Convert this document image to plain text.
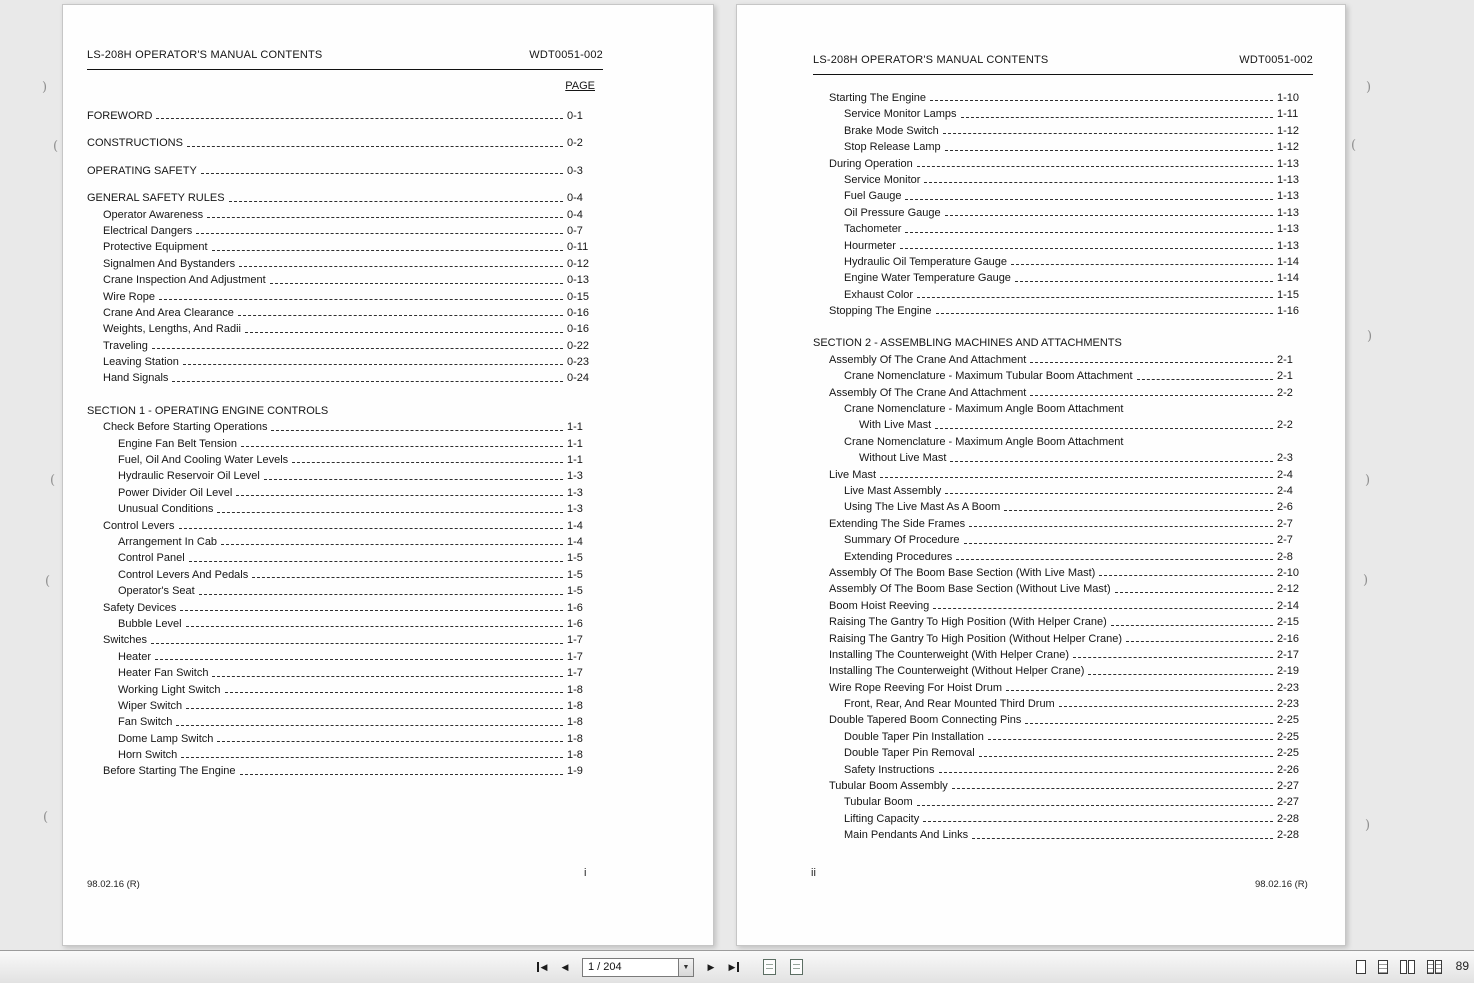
LS-208H OPERATOR'S MANUAL CONTENTS	WDT0051-002
PAGE
FOREWORD	0-1
CONSTRUCTIONS	0-2
OPERATING SAFETY	0-3
GENERAL SAFETY RULES	0-4
Operator Awareness	0-4
Electrical Dangers	0-7
Protective Equipment	0-11
Signalmen And Bystanders	0-12
Crane Inspection And Adjustment	0-13
Wire Rope	0-15
Crane And Area Clearance	0-16
Weights, Lengths, And Radii	0-16
Traveling	0-22
Leaving Station	0-23
Hand Signals	0-24
SECTION 1 - OPERATING ENGINE CONTROLS
Check Before Starting Operations	1-1
Engine Fan Belt Tension	1-1
Fuel, Oil And Cooling Water Levels	1-1
Hydraulic Reservoir Oil Level	1-3
Power Divider Oil Level	1-3
Unusual Conditions	1-3
Control Levers	1-4
Arrangement In Cab	1-4
Control Panel	1-5
Control Levers And Pedals	1-5
Operator's Seat	1-5
Safety Devices	1-6
Bubble Level	1-6
Switches	1-7
Heater	1-7
Heater Fan Switch	1-7
Working Light Switch	1-8
Wiper Switch	1-8
Fan Switch	1-8
Dome Lamp Switch	1-8
Horn Switch	1-8
Before Starting The Engine	1-9
98.02.16 (R)
i
LS-208H OPERATOR'S MANUAL CONTENTS	WDT0051-002
Starting The Engine	1-10
Service Monitor Lamps	1-11
Brake Mode Switch	1-12
Stop Release Lamp	1-12
During Operation	1-13
Service Monitor	1-13
Fuel Gauge	1-13
Oil Pressure Gauge	1-13
Tachometer	1-13
Hourmeter	1-13
Hydraulic Oil Temperature Gauge	1-14
Engine Water Temperature Gauge	1-14
Exhaust Color	1-15
Stopping The Engine	1-16
SECTION 2 - ASSEMBLING MACHINES AND ATTACHMENTS
Assembly Of The Crane And Attachment	2-1
Crane Nomenclature - Maximum Tubular Boom Attachment	2-1
Assembly Of The Crane And Attachment	2-2
Crane Nomenclature - Maximum Angle Boom Attachment
With Live Mast	2-2
Crane Nomenclature - Maximum Angle Boom Attachment
Without Live Mast	2-3
Live Mast	2-4
Live Mast Assembly	2-4
Using The Live Mast As A Boom	2-6
Extending The Side Frames	2-7
Summary Of Procedure	2-7
Extending Procedures	2-8
Assembly Of The Boom Base Section (With Live Mast)	2-10
Assembly Of The Boom Base Section (Without Live Mast)	2-12
Boom Hoist Reeving	2-14
Raising The Gantry To High Position (With Helper Crane)	2-15
Raising The Gantry To High Position (Without Helper Crane)	2-16
Installing The Counterweight (With Helper Crane)	2-17
Installing The Counterweight (Without Helper Crane)	2-19
Wire Rope Reeving For Hoist Drum	2-23
Front, Rear, And Rear Mounted Third Drum	2-23
Double Tapered Boom Connecting Pins	2-25
Double Taper Pin Installation	2-25
Double Taper Pin Removal	2-25
Safety Instructions	2-26
Tubular Boom Assembly	2-27
Tubular Boom	2-27
Lifting Capacity	2-28
Main Pendants And Links	2-28
98.02.16 (R)
ii
◀ ◀
1 / 204	▼ ▶ ▶	89
)
(
(
(
(
)
(
)
)
)
)
